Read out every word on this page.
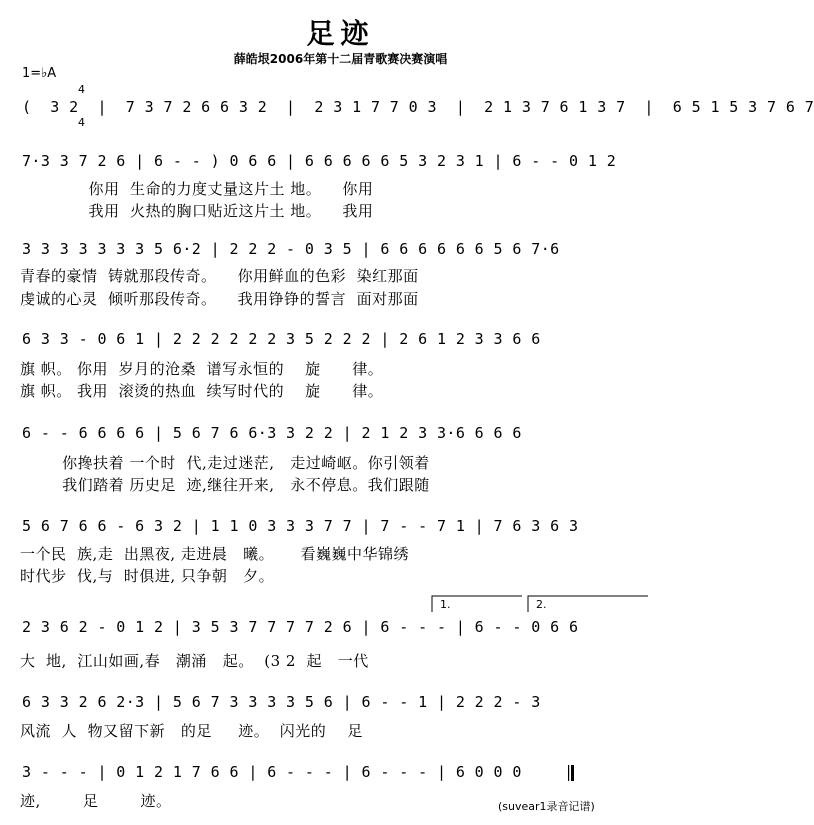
足迹
薛皓垠2006年第十二届青歌赛决赛演唱
1=♭A

4

4

(  3 2  |  7 3 7 2 6 6 3 2  |  2 3 1 7 7 0 3  |  2 1 3 7 6 1 3 7  |  6 5 1 5 3 7 6 7
7·3 3 7 2 6 | 6 - - ) 0 6 6 | 6 6 6 6 6 5 3 2 3 1 | 6 - - 0 1 2
你用  生命的力度丈量这片土 地。    你用
我用  火热的胸口贴近这片土 地。    我用
3 3 3 3 3 3 3 5 6·2 | 2 2 2 - 0 3 5 | 6 6 6 6 6 6 5 6 7·6
青春的豪情  铸就那段传奇。    你用鲜血的色彩  染红那面
虔诚的心灵  倾听那段传奇。    我用铮铮的誓言  面对那面
6 3 3 - 0 6 1 | 2 2 2 2 2 2 3 5 2 2 2 | 2 6 1 2 3 3 6 6
旗 帜。 你用  岁月的沧桑  谱写永恒的    旋      律。
旗 帜。 我用  滚烫的热血  续写时代的    旋      律。
6 - - 6 6 6 6 | 5 6 7 6 6·3 3 2 2 | 2 1 2 3 3·6 6 6 6
你搀扶着 一个时  代,走过迷茫,   走过崎岖。你引领着
我们踏着 历史足  迹,继往开来,   永不停息。我们跟随
5 6 7 6 6 - 6 3 2 | 1 1 0 3 3 3 7 7 | 7 - - 7 1 | 7 6 3 6 3
一个民  族,走  出黑夜, 走进晨   曦。     看巍巍中华锦绣
时代步  伐,与  时俱进, 只争朝   夕。
1.	2.
2 3 6 2 - 0 1 2 | 3 5 3 7 7 7 7 2 6 | 6 - - - | 6 - - 0 6 6
大  地,  江山如画,春   潮涌   起。  (3 2  起   一代
6 3 3 2 6 2·3 | 5 6 7 3 3 3 3 5 6 | 6 - - 1 | 2 2 2 - 3
风流  人  物又留下新   的足     迹。  闪光的    足
3 - - - | 0 1 2 1 7 6 6 | 6 - - - | 6 - - - | 6 0 0 0
迹,        足        迹。	(suvear1录音记谱)
